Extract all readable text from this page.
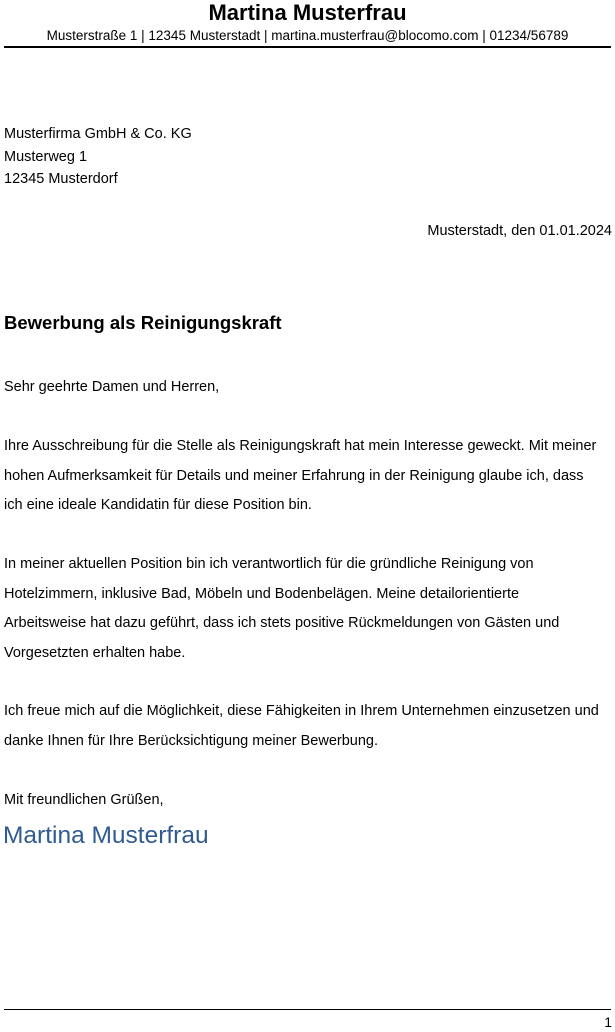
Martina Musterfrau
Musterstraße 1 | 12345 Musterstadt | martina.musterfrau@blocomo.com | 01234/56789
Musterfirma GmbH & Co. KG
Musterweg 1
12345 Musterdorf
Musterstadt, den 01.01.2024
Bewerbung als Reinigungskraft
Sehr geehrte Damen und Herren,
Ihre Ausschreibung für die Stelle als Reinigungskraft hat mein Interesse geweckt. Mit meiner
hohen Aufmerksamkeit für Details und meiner Erfahrung in der Reinigung glaube ich, dass
ich eine ideale Kandidatin für diese Position bin.
In meiner aktuellen Position bin ich verantwortlich für die gründliche Reinigung von
Hotelzimmern, inklusive Bad, Möbeln und Bodenbelägen. Meine detailorientierte
Arbeitsweise hat dazu geführt, dass ich stets positive Rückmeldungen von Gästen und
Vorgesetzten erhalten habe.
Ich freue mich auf die Möglichkeit, diese Fähigkeiten in Ihrem Unternehmen einzusetzen und
danke Ihnen für Ihre Berücksichtigung meiner Bewerbung.
Mit freundlichen Grüßen,
Martina Musterfrau
1
